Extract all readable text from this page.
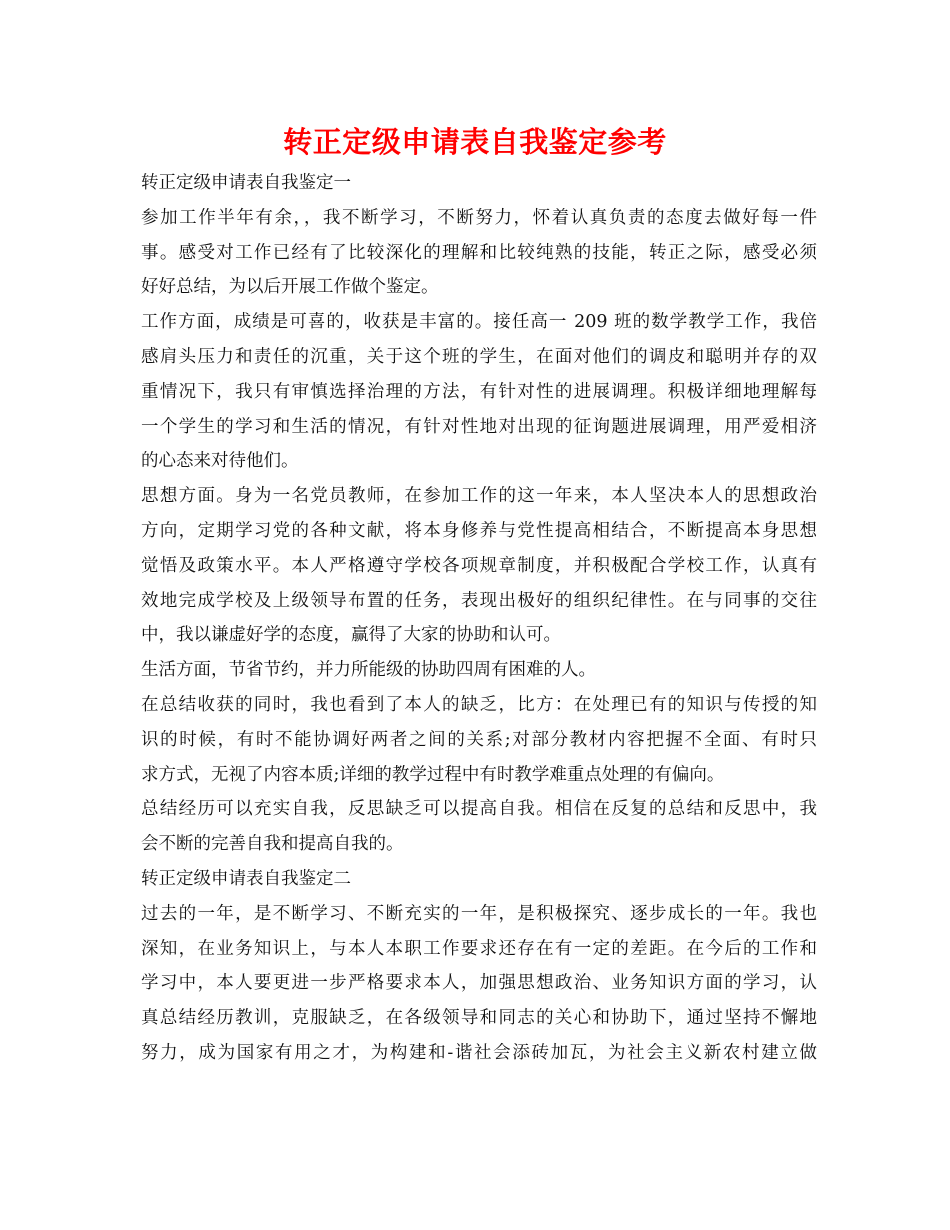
转正定级申请表自我鉴定参考
转正定级申请表自我鉴定一
参加工作半年有余，，我不断学习，不断努力，怀着认真负责的态度去做好每一件
事。感受对工作已经有了比较深化的理解和比较纯熟的技能，转正之际，感受必须
好好总结，为以后开展工作做个鉴定。
工作方面，成绩是可喜的，收获是丰富的。接任高一 209 班的数学教学工作，我倍
感肩头压力和责任的沉重，关于这个班的学生，在面对他们的调皮和聪明并存的双
重情况下，我只有审慎选择治理的方法，有针对性的进展调理。积极详细地理解每
一个学生的学习和生活的情况，有针对性地对出现的征询题进展调理，用严爱相济
的心态来对待他们。
思想方面。身为一名党员教师，在参加工作的这一年来，本人坚决本人的思想政治
方向，定期学习党的各种文献，将本身修养与党性提高相结合，不断提高本身思想
觉悟及政策水平。本人严格遵守学校各项规章制度，并积极配合学校工作，认真有
效地完成学校及上级领导布置的任务，表现出极好的组织纪律性。在与同事的交往
中，我以谦虚好学的态度，赢得了大家的协助和认可。
生活方面，节省节约，并力所能级的协助四周有困难的人。
在总结收获的同时，我也看到了本人的缺乏，比方：在处理已有的知识与传授的知
识的时候，有时不能协调好两者之间的关系;对部分教材内容把握不全面、有时只
求方式，无视了内容本质;详细的教学过程中有时教学难重点处理的有偏向。
总结经历可以充实自我，反思缺乏可以提高自我。相信在反复的总结和反思中，我
会不断的完善自我和提高自我的。
转正定级申请表自我鉴定二
过去的一年，是不断学习、不断充实的一年，是积极探究、逐步成长的一年。我也
深知，在业务知识上，与本人本职工作要求还存在有一定的差距。在今后的工作和
学习中，本人要更进一步严格要求本人，加强思想政治、业务知识方面的学习，认
真总结经历教训，克服缺乏，在各级领导和同志的关心和协助下，通过坚持不懈地
努力，成为国家有用之才，为构建和-谐社会添砖加瓦，为社会主义新农村建立做
